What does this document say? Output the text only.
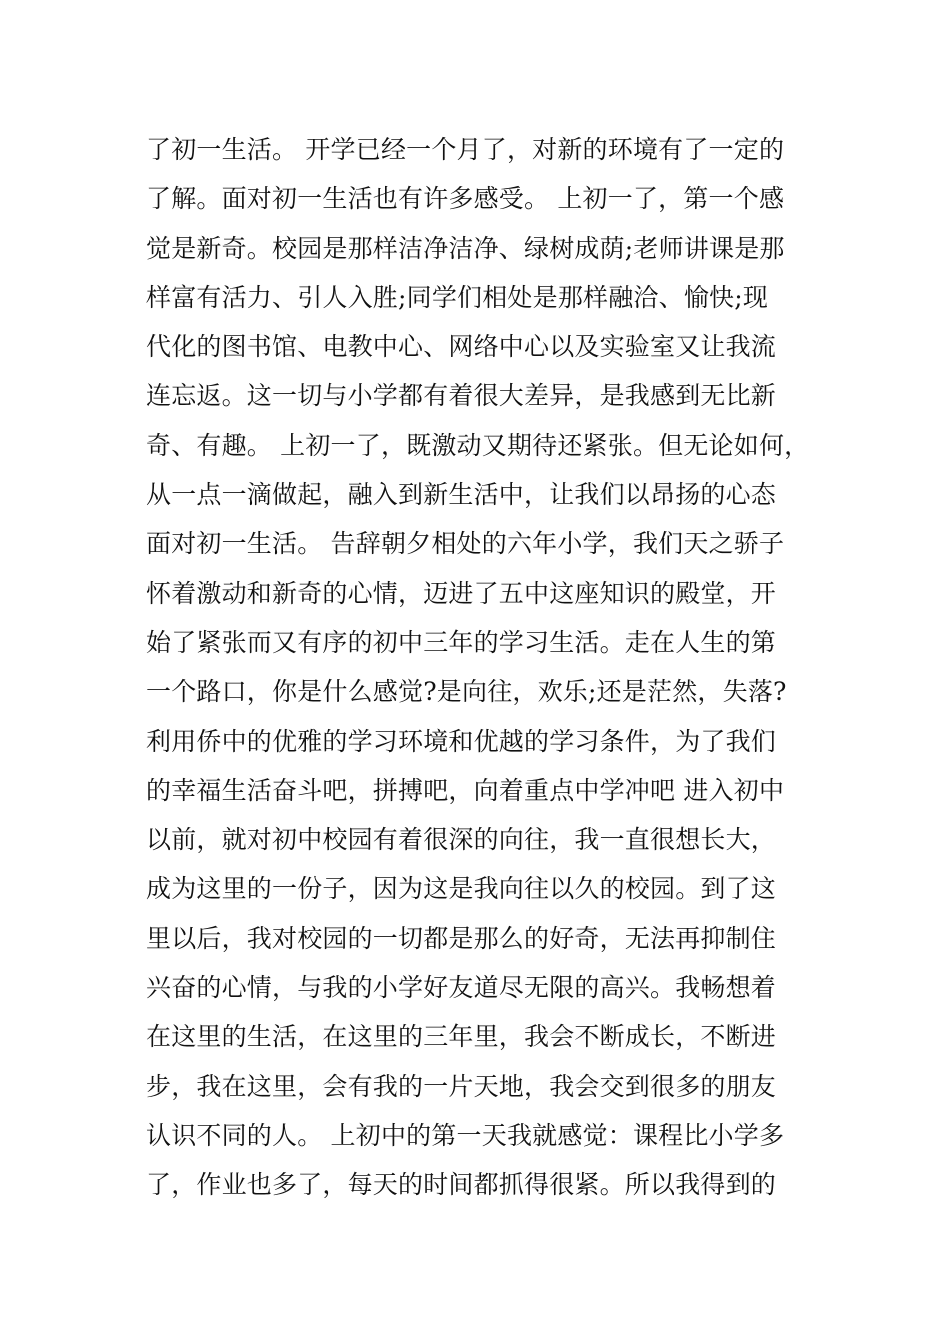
了初一生活。 开学已经一个月了，对新的环境有了一定的
了解。面对初一生活也有许多感受。 上初一了，第一个感
觉是新奇。校园是那样洁净洁净、绿树成荫;老师讲课是那
样富有活力、引人入胜;同学们相处是那样融洽、愉快;现
代化的图书馆、电教中心、网络中心以及实验室又让我流
连忘返。这一切与小学都有着很大差异，是我感到无比新
奇、有趣。 上初一了，既激动又期待还紧张。但无论如何，
从一点一滴做起，融入到新生活中，让我们以昂扬的心态
面对初一生活。 告辞朝夕相处的六年小学，我们天之骄子
怀着激动和新奇的心情，迈进了五中这座知识的殿堂，开
始了紧张而又有序的初中三年的学习生活。走在人生的第
一个路口，你是什么感觉?是向往，欢乐;还是茫然，失落?
利用侨中的优雅的学习环境和优越的学习条件，为了我们
的幸福生活奋斗吧，拼搏吧，向着重点中学冲吧 进入初中
以前，就对初中校园有着很深的向往，我一直很想长大，
成为这里的一份子，因为这是我向往以久的校园。到了这
里以后，我对校园的一切都是那么的好奇，无法再抑制住
兴奋的心情，与我的小学好友道尽无限的高兴。我畅想着
在这里的生活，在这里的三年里，我会不断成长，不断进
步，我在这里，会有我的一片天地，我会交到很多的朋友
认识不同的人。 上初中的第一天我就感觉：课程比小学多
了，作业也多了，每天的时间都抓得很紧。所以我得到的
